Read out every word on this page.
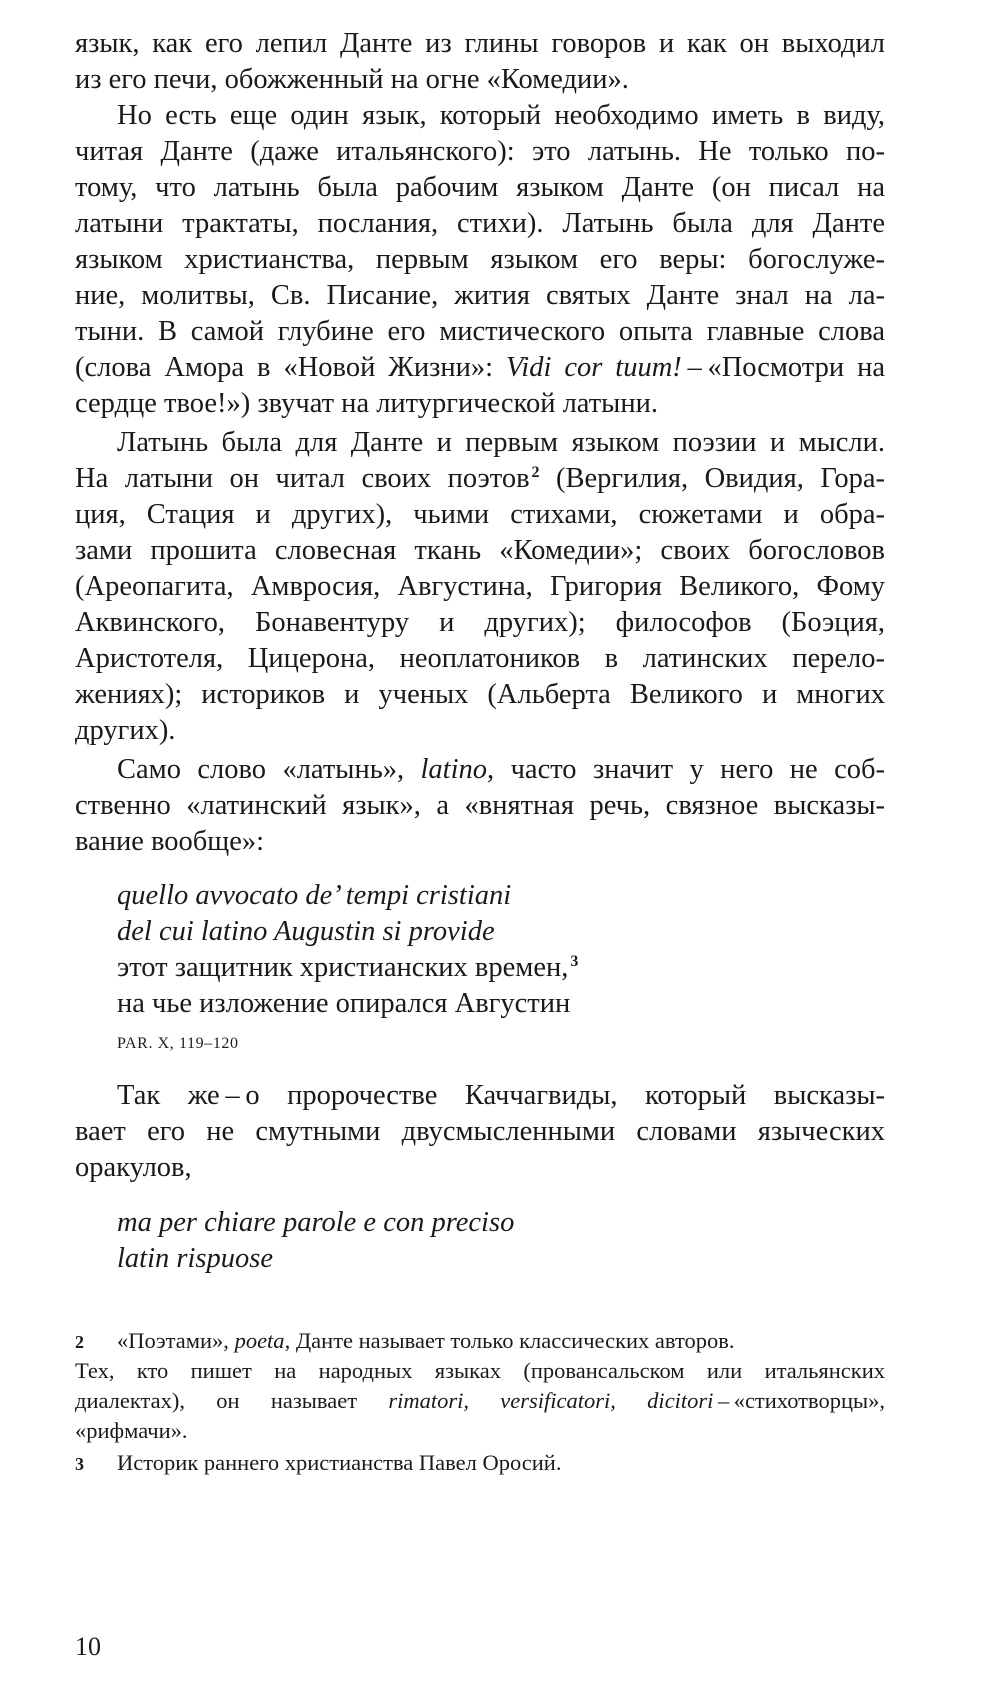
язык, как его лепил Данте из глины говоров и как он выходил
из его печи, обожженный на огне «Комедии».
Но есть еще один язык, который необходимо иметь в виду,
читая Данте (даже итальянского): это латынь. Не только по-
тому, что латынь была рабочим языком Данте (он писал на
латыни трактаты, послания, стихи). Латынь была для Данте
языком христианства, первым языком его веры: богослуже-
ние, молитвы, Св. Писание, жития святых Данте знал на ла-
тыни. В самой глубине его мистического опыта главные слова
(слова Амора в «Новой Жизни»: Vidi cor tuum! – «Посмотри на
сердце твое!») звучат на литургической латыни.
Латынь была для Данте и первым языком поэзии и мысли.
На латыни он читал своих поэтов $^2$ (Вергилия, Овидия, Гора-
ция, Стация и других), чьими стихами, сюжетами и обра-
зами прошита словесная ткань «Комедии»; своих богословов
(Ареопагита, Амвросия, Августина, Григория Великого, Фому
Аквинского, Бонавентуру и других); философов (Боэция,
Аристотеля, Цицерона, неоплатоников в латинских перело-
жениях); историков и ученых (Альберта Великого и многих
других).
Само слово «латынь», latino, часто значит у него не соб-
ственно «латинский язык», а «внятная речь, связное высказы-
вание вообще»:
quello avvocato de’ tempi cristiani
del cui latino Augustin si provide
этот защитник христианских времен, $^3$
на чье изложение опирался Августин
PAR. X, 119–120
Так же – о пророчестве Каччагвиды, который высказы-
вает его не смутными двусмысленными словами языческих
оракулов,
ma per chiare parole e con preciso
latin rispuose
2 «Поэтами», poeta, Данте называет только классических авторов.
Тех, кто пишет на народных языках (провансальском или итальянских
диалектах), он называет rimatori, versificatori, dicitori – «стихотворцы»,
«рифмачи».
3 Историк раннего христианства Павел Оросий.
10
